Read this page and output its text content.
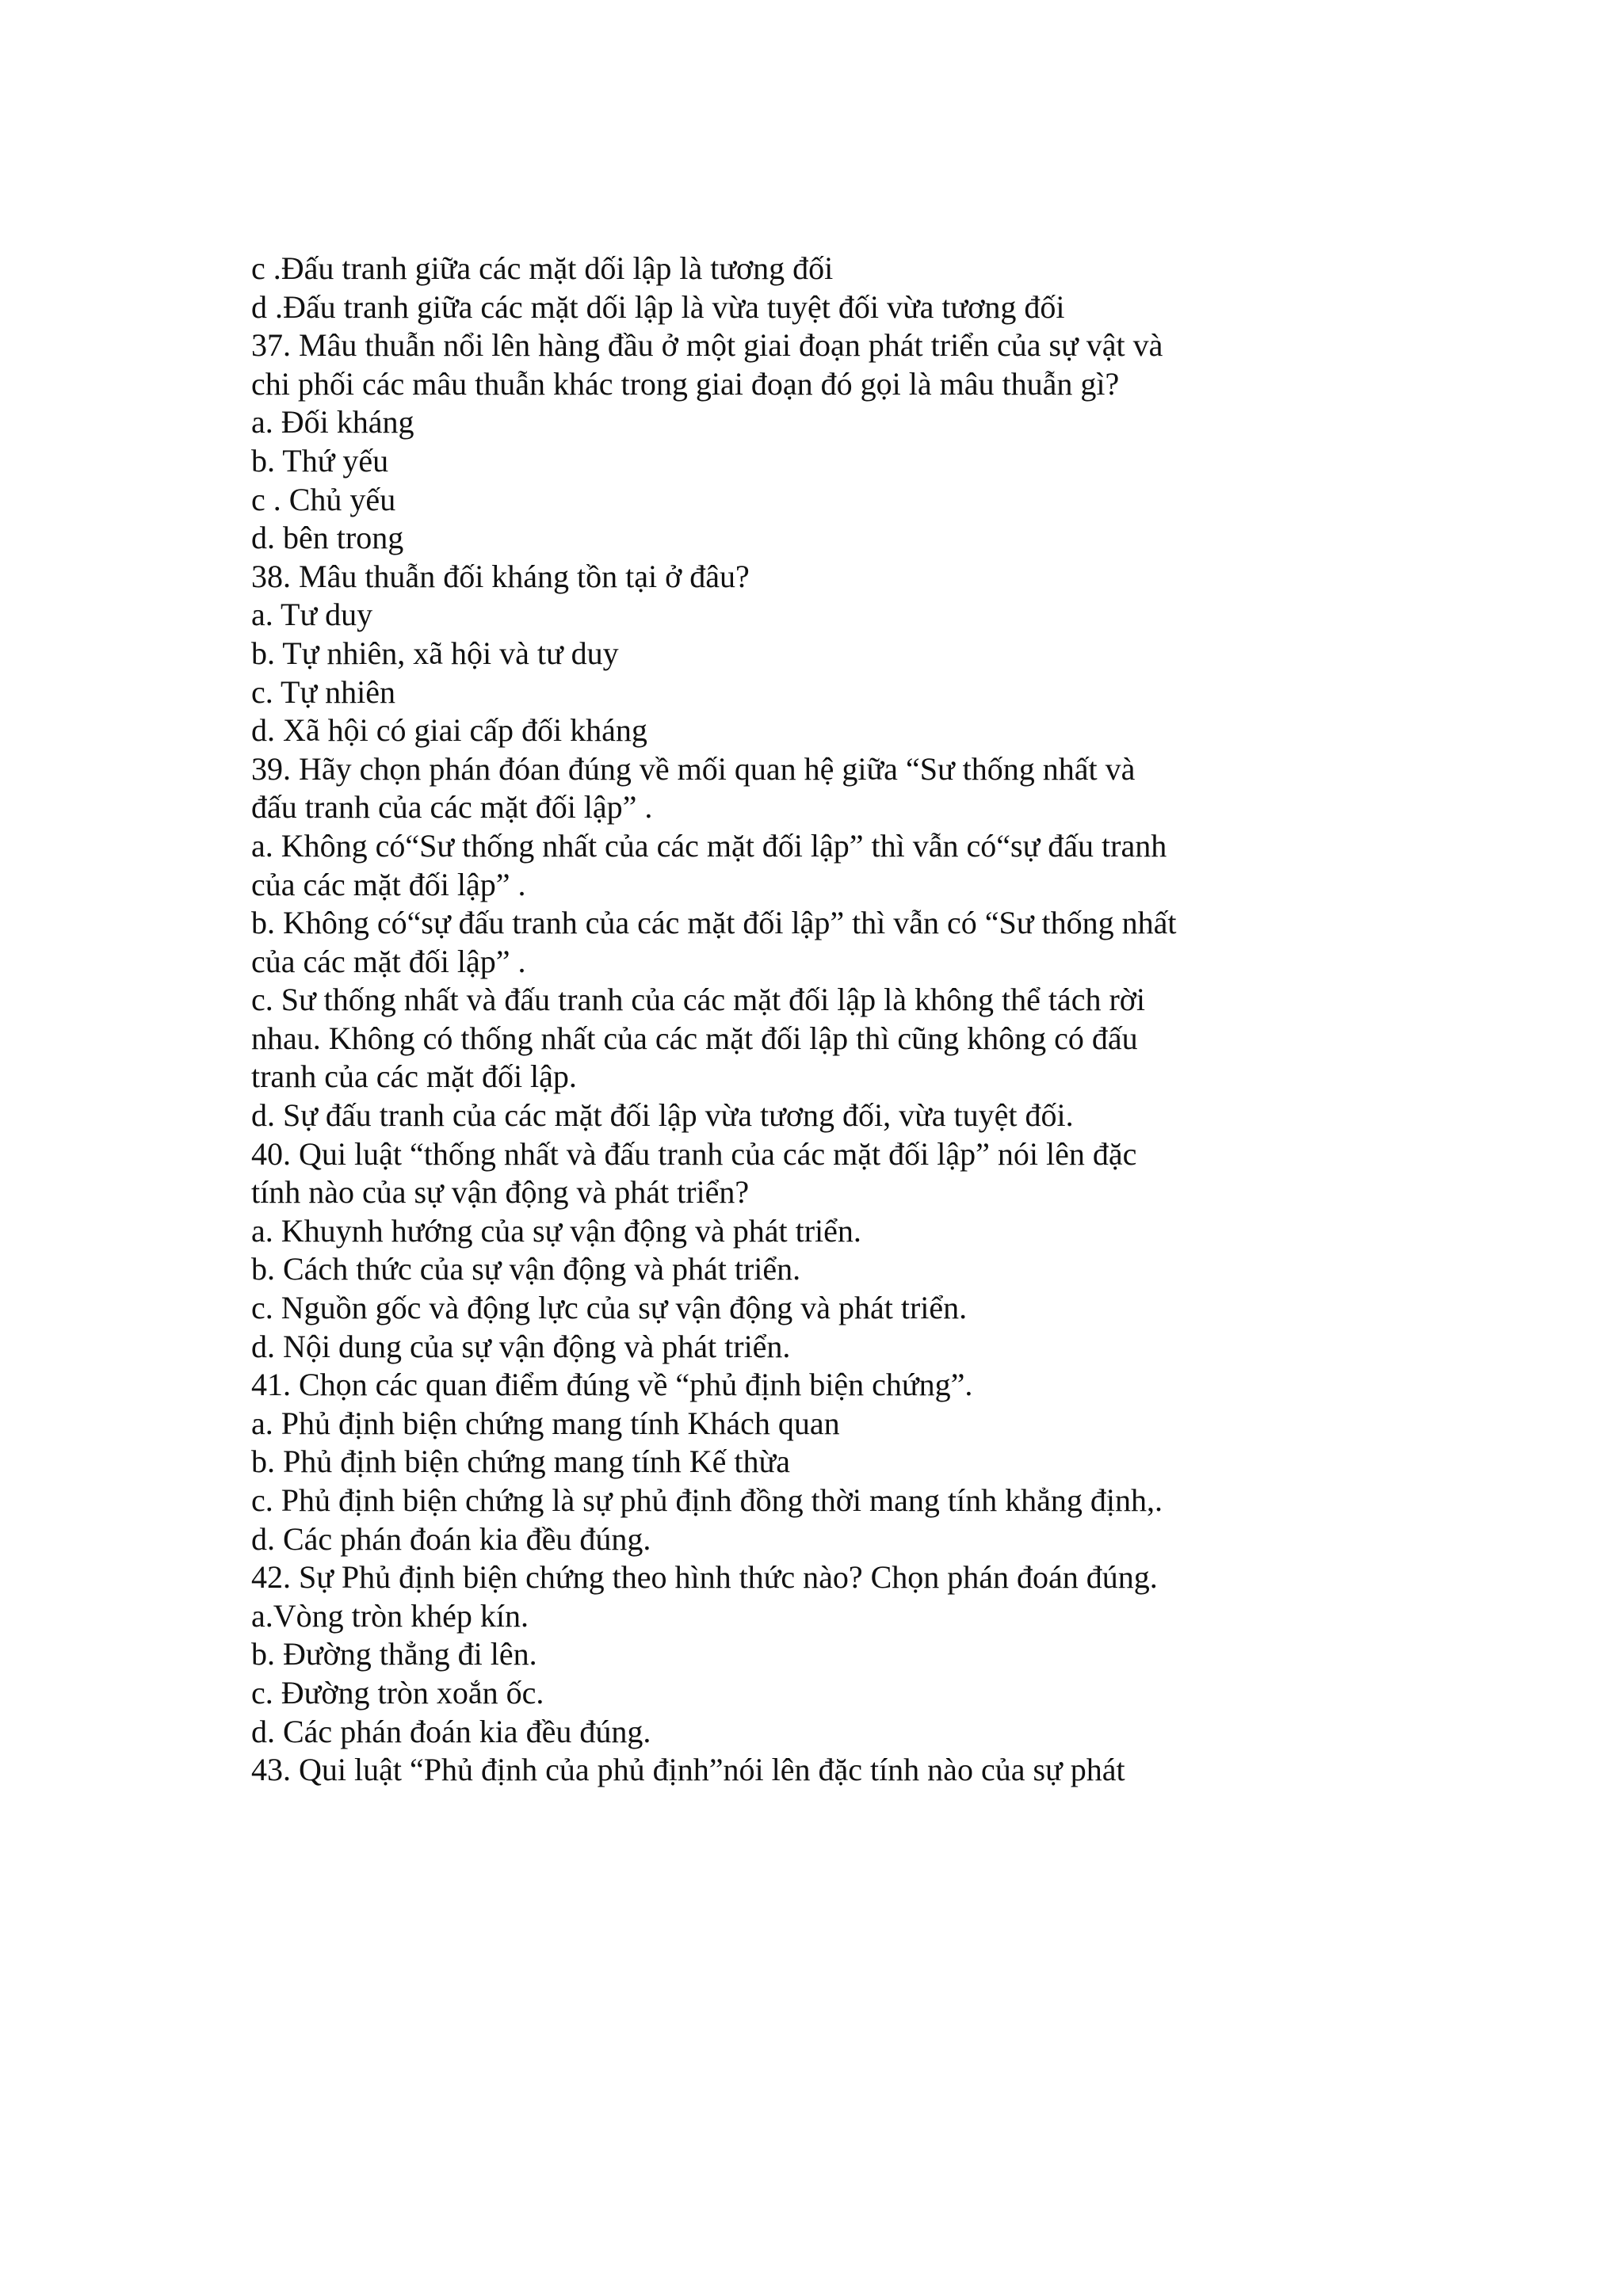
c .Đấu tranh giữa các mặt dối lập là tương đối

d .Đấu tranh giữa các mặt dối lập là vừa tuyệt đối vừa tương đối

37. Mâu thuẫn nổi lên hàng đầu ở một giai đoạn phát triển của sự vật và

chi phối các mâu thuẫn khác trong giai đoạn đó gọi là mâu thuẫn gì?

a. Đối kháng

b. Thứ yếu

c . Chủ yếu

d. bên trong

38. Mâu thuẫn đối kháng tồn tại ở đâu?

a. Tư duy

b. Tự nhiên, xã hội và tư duy

c. Tự nhiên

d. Xã hội có giai cấp đối kháng

39. Hãy chọn phán đóan đúng về mối quan hệ giữa “Sư thống nhất và

đấu tranh của các mặt đối lập” .

a. Không có“Sư thống nhất của các mặt đối lập” thì vẫn có“sự đấu tranh

của các mặt đối lập” .

b. Không có“sự đấu tranh của các mặt đối lập” thì vẫn có “Sư thống nhất

của các mặt đối lập” .

c. Sư thống nhất và đấu tranh của các mặt đối lập là không thể tách rời

nhau. Không có thống nhất của các mặt đối lập thì cũng không có đấu

tranh của các mặt đối lập.

d. Sự đấu tranh của các mặt đối lập vừa tương đối, vừa tuyệt đối.

40. Qui luật “thống nhất và đấu tranh của các mặt đối lập” nói lên đặc

tính nào của sự vận động và phát triển?

a. Khuynh hướng của sự vận động và phát triển.

b. Cách thức của sự vận động và phát triển.

c. Nguồn gốc và động lực của sự vận động và phát triển.

d. Nội dung của sự vận động và phát triển.

41. Chọn các quan điểm đúng về “phủ định biện chứng”.

a. Phủ định biện chứng mang tính Khách quan

b. Phủ định biện chứng mang tính Kế thừa

c. Phủ định biện chứng là sự phủ định đồng thời mang tính khẳng định,.

d. Các phán đoán kia đều đúng.

42. Sự Phủ định biện chứng theo hình thức nào? Chọn phán đoán đúng.

a.Vòng tròn khép kín.

b. Đường thẳng đi lên.

c. Đường tròn xoắn ốc.

d. Các phán đoán kia đều đúng.

43. Qui luật “Phủ định của phủ định”nói lên đặc tính nào của sự phát
